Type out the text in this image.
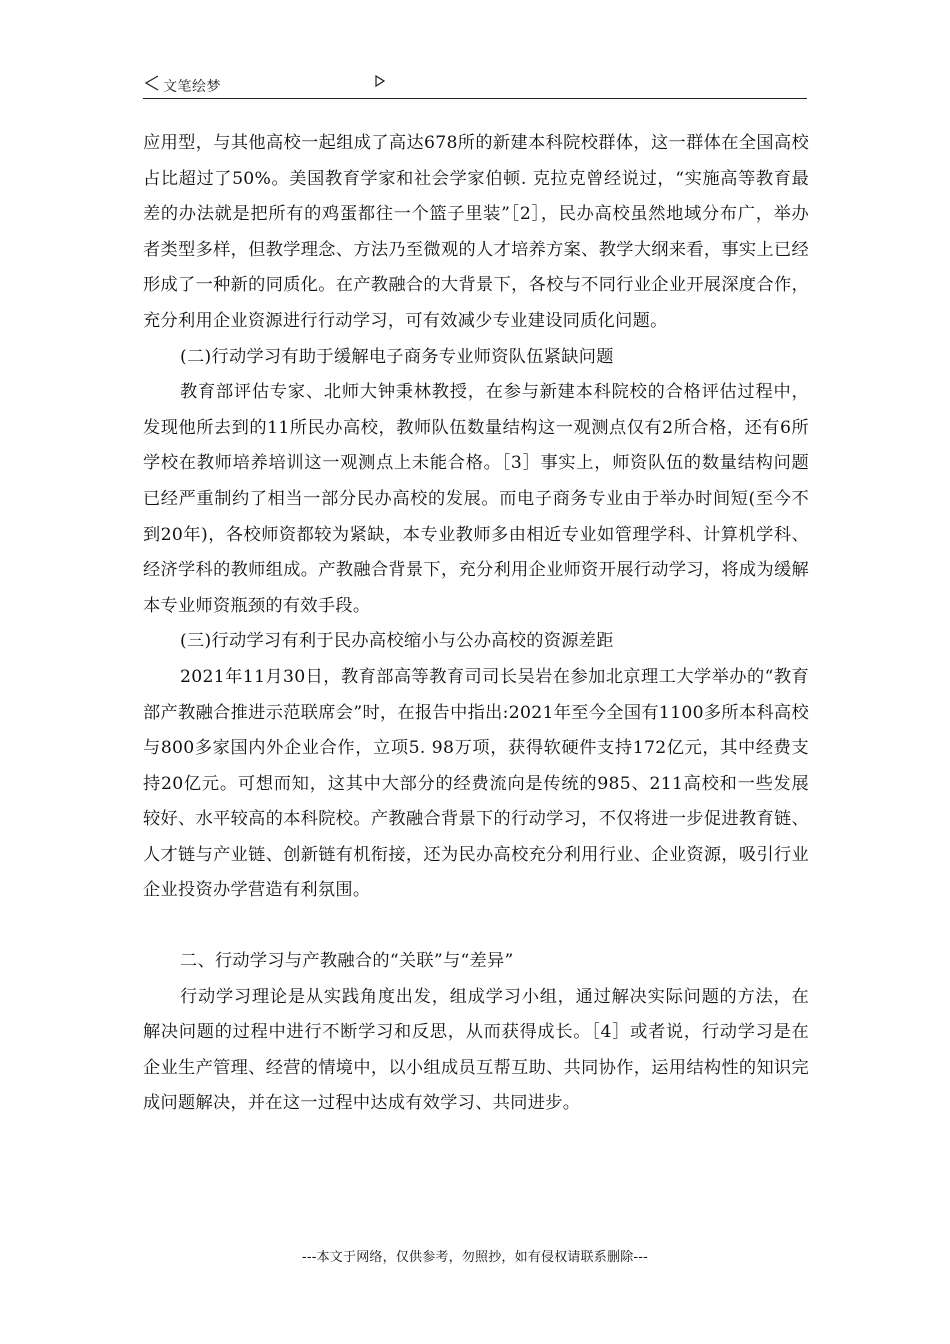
文笔绘梦

应用型，与其他高校一起组成了高达678所的新建本科院校群体，这一群体在全国高校占比超过了50%。美国教育学家和社会学家伯顿. 克拉克曾经说过，“实施高等教育最差的办法就是把所有的鸡蛋都往一个篮子里装”［2］，民办高校虽然地域分布广，举办者类型多样，但教学理念、方法乃至微观的人才培养方案、教学大纲来看，事实上已经形成了一种新的同质化。在产教融合的大背景下，各校与不同行业企业开展深度合作，充分利用企业资源进行行动学习，可有效减少专业建设同质化问题。

(二)行动学习有助于缓解电子商务专业师资队伍紧缺问题

教育部评估专家、北师大钟秉林教授，在参与新建本科院校的合格评估过程中，发现他所去到的11所民办高校，教师队伍数量结构这一观测点仅有2所合格，还有6所学校在教师培养培训这一观测点上未能合格。［3］事实上，师资队伍的数量结构问题已经严重制约了相当一部分民办高校的发展。而电子商务专业由于举办时间短(至今不到20年)，各校师资都较为紧缺，本专业教师多由相近专业如管理学科、计算机学科、经济学科的教师组成。产教融合背景下，充分利用企业师资开展行动学习，将成为缓解本专业师资瓶颈的有效手段。

(三)行动学习有利于民办高校缩小与公办高校的资源差距

2021年11月30日，教育部高等教育司司长吴岩在参加北京理工大学举办的“教育部产教融合推进示范联席会”时，在报告中指出:2021年至今全国有1100多所本科高校与800多家国内外企业合作，立项5. 98万项，获得软硬件支持172亿元，其中经费支持20亿元。可想而知，这其中大部分的经费流向是传统的985、211高校和一些发展较好、水平较高的本科院校。产教融合背景下的行动学习，不仅将进一步促进教育链、人才链与产业链、创新链有机衔接，还为民办高校充分利用行业、企业资源，吸引行业企业投资办学营造有利氛围。

二、行动学习与产教融合的“关联”与“差异”

行动学习理论是从实践角度出发，组成学习小组，通过解决实际问题的方法，在解决问题的过程中进行不断学习和反思，从而获得成长。［4］或者说，行动学习是在企业生产管理、经营的情境中，以小组成员互帮互助、共同协作，运用结构性的知识完成问题解决，并在这一过程中达成有效学习、共同进步。

---本文于网络，仅供参考，勿照抄，如有侵权请联系删除---
